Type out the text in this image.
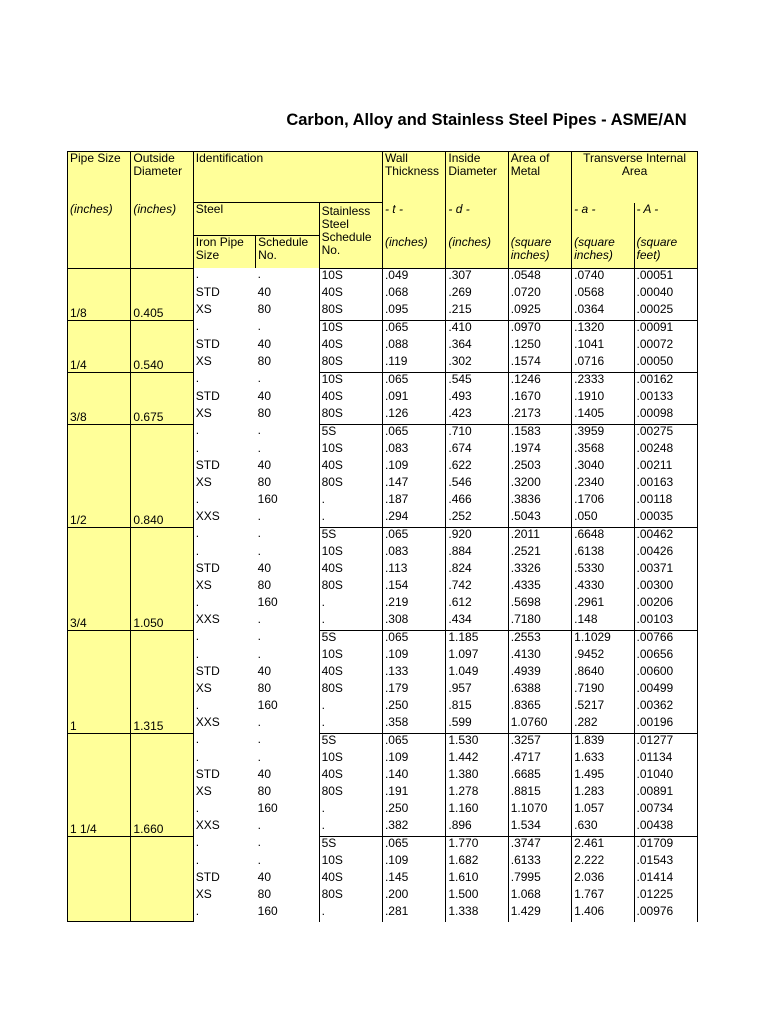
Carbon, Alloy and Stainless Steel Pipes - ASME/AN
Pipe Size	Outside Diameter	Identification			Wall Thickness	Inside Diameter	Area of Metal	Transverse Internal Area	
(inches)	(inches)	Steel		Stainless Steel Schedule No.	- t -	- d -		- a -	- A -
		Iron Pipe Size	Schedule No.		(inches)	(inches)	(square inches)	(square inches)	(square feet)
1/8	0.405	.	.	10S	.049	.307	.0548	.0740	.00051
		STD	40	40S	.068	.269	.0720	.0568	.00040
		XS	80	80S	.095	.215	.0925	.0364	.00025
1/4	0.540	.	.	10S	.065	.410	.0970	.1320	.00091
		STD	40	40S	.088	.364	.1250	.1041	.00072
		XS	80	80S	.119	.302	.1574	.0716	.00050
3/8	0.675	.	.	10S	.065	.545	.1246	.2333	.00162
		STD	40	40S	.091	.493	.1670	.1910	.00133
		XS	80	80S	.126	.423	.2173	.1405	.00098
1/2	0.840	.	.	5S	.065	.710	.1583	.3959	.00275
		.	.	10S	.083	.674	.1974	.3568	.00248
		STD	40	40S	.109	.622	.2503	.3040	.00211
		XS	80	80S	.147	.546	.3200	.2340	.00163
		.	160	.	.187	.466	.3836	.1706	.00118
		XXS	.	.	.294	.252	.5043	.050	.00035
3/4	1.050	.	.	5S	.065	.920	.2011	.6648	.00462
		.	.	10S	.083	.884	.2521	.6138	.00426
		STD	40	40S	.113	.824	.3326	.5330	.00371
		XS	80	80S	.154	.742	.4335	.4330	.00300
		.	160	.	.219	.612	.5698	.2961	.00206
		XXS	.	.	.308	.434	.7180	.148	.00103
1	1.315	.	.	5S	.065	1.185	.2553	1.1029	.00766
		.	.	10S	.109	1.097	.4130	.9452	.00656
		STD	40	40S	.133	1.049	.4939	.8640	.00600
		XS	80	80S	.179	.957	.6388	.7190	.00499
		.	160	.	.250	.815	.8365	.5217	.00362
		XXS	.	.	.358	.599	1.0760	.282	.00196
1 1/4	1.660	.	.	5S	.065	1.530	.3257	1.839	.01277
		.	.	10S	.109	1.442	.4717	1.633	.01134
		STD	40	40S	.140	1.380	.6685	1.495	.01040
		XS	80	80S	.191	1.278	.8815	1.283	.00891
		.	160	.	.250	1.160	1.1070	1.057	.00734
		XXS	.	.	.382	.896	1.534	.630	.00438
		.	.	5S	.065	1.770	.3747	2.461	.01709
		.	.	10S	.109	1.682	.6133	2.222	.01543
		STD	40	40S	.145	1.610	.7995	2.036	.01414
		XS	80	80S	.200	1.500	1.068	1.767	.01225
		.	160	.	.281	1.338	1.429	1.406	.00976
